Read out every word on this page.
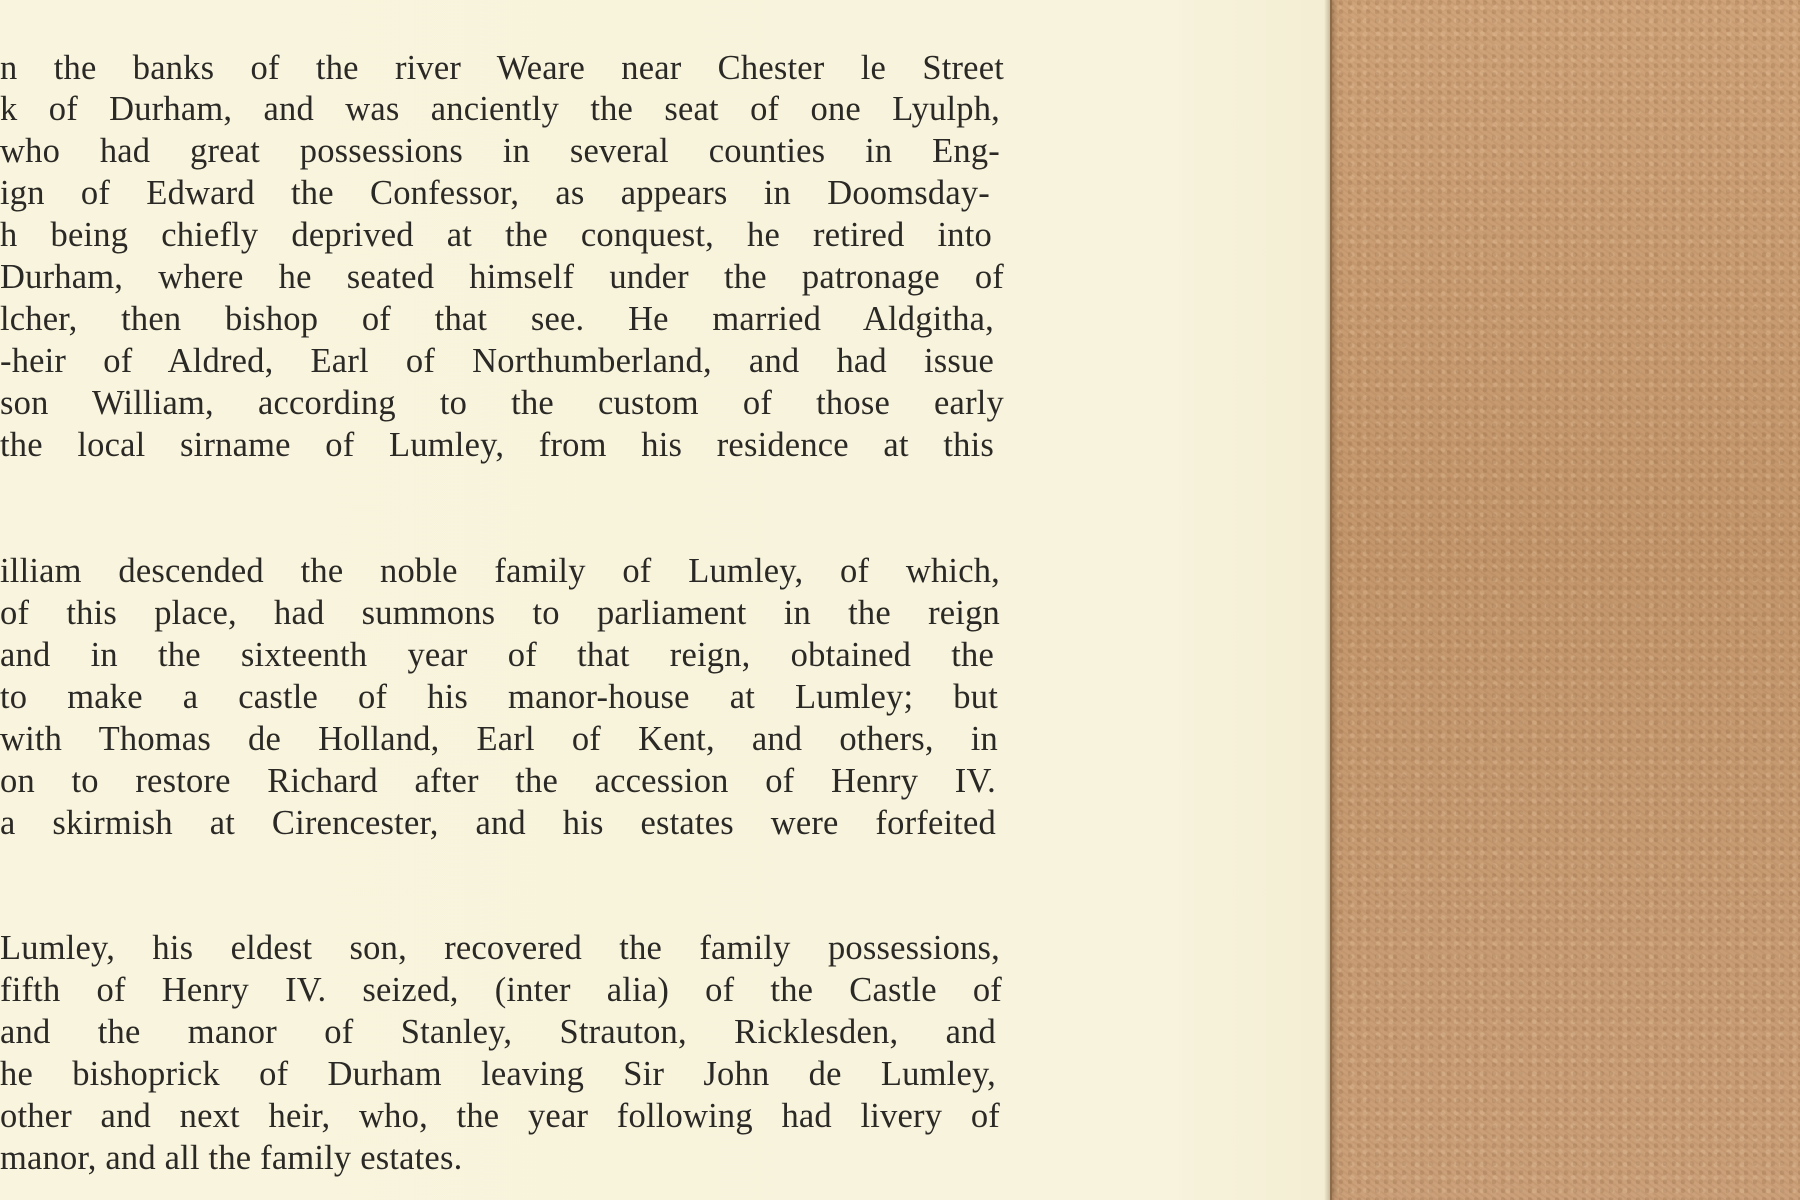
n the banks of the river Weare near Chester le Street

k of Durham, and was anciently the seat of one Lyulph,

who had great possessions in several counties in Eng-

ign of Edward the Confessor, as appears in Doomsday-

h being chiefly deprived at the conquest, he retired into

Durham, where he seated himself under the patronage of

lcher, then bishop of that see. He married Aldgitha,

-heir of Aldred, Earl of Northumberland, and had issue

son William, according to the custom of those early

the local sirname of Lumley, from his residence at this

illiam descended the noble family of Lumley, of which,

of this place, had summons to parliament in the reign

and in the sixteenth year of that reign, obtained the

to make a castle of his manor-house at Lumley; but

with Thomas de Holland, Earl of Kent, and others, in

on to restore Richard after the accession of Henry IV.

a skirmish at Cirencester, and his estates were forfeited

Lumley, his eldest son, recovered the family possessions,

fifth of Henry IV. seized, (inter alia) of the Castle of

and the manor of Stanley, Strauton, Ricklesden, and

he bishoprick of Durham leaving Sir John de Lumley,

other and next heir, who, the year following had livery of

manor, and all the family estates.
